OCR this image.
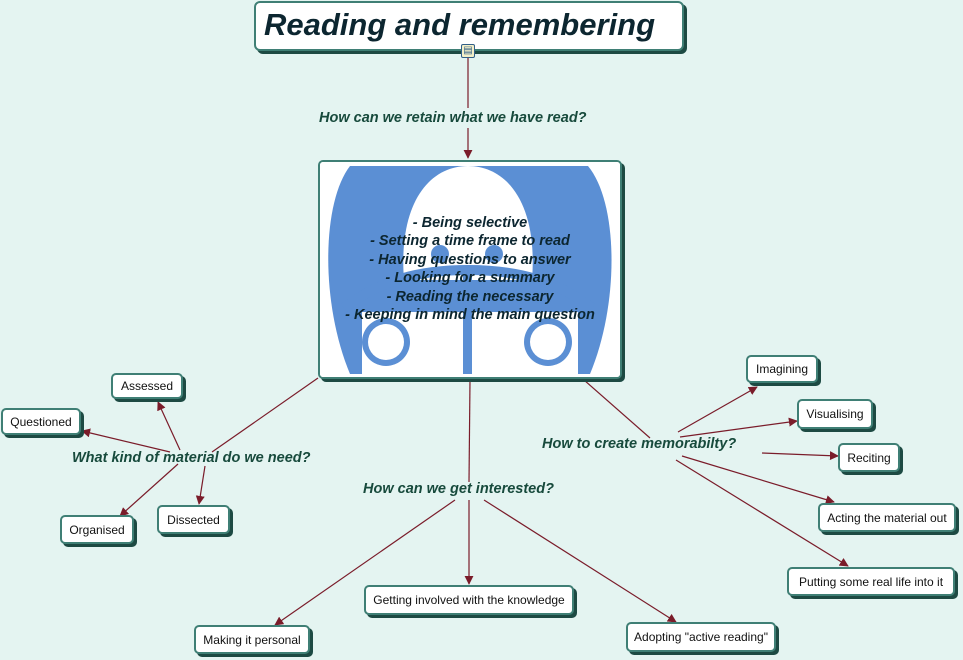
Reading and remembering
▤
How can we retain what we have read?
- Being selective
- Setting a time frame to read
- Having questions to answer
- Looking for a summary
- Reading the necessary
- Keeping in mind the main question
What kind of material do we need?
How can we get interested?
How to create memorabilty?
Assessed
Questioned
Organised
Dissected
Making it personal
Getting involved with the knowledge
Adopting "active reading"
Imagining
Visualising
Reciting
Acting the material out
Putting some real life into it
